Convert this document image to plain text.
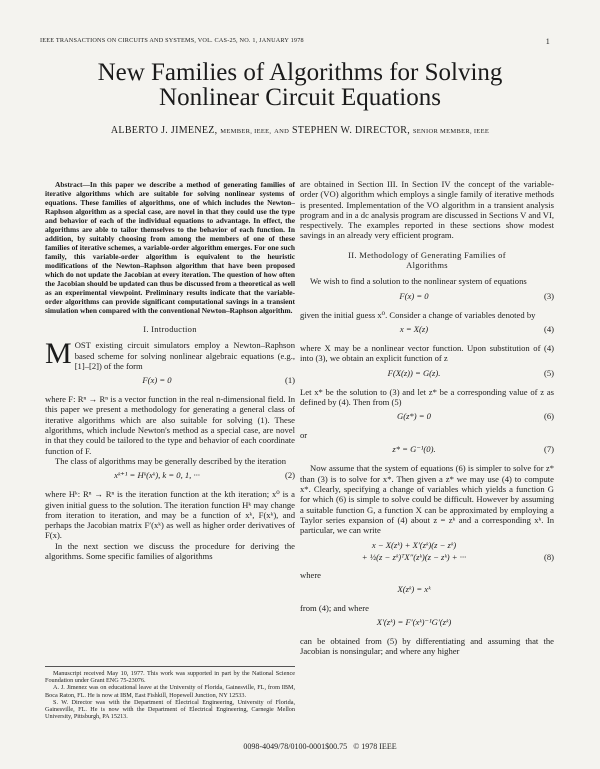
IEEE TRANSACTIONS ON CIRCUITS AND SYSTEMS, VOL. CAS-25, NO. 1, JANUARY 1978	1
New Families of Algorithms for Solving
Nonlinear Circuit Equations
ALBERTO J. JIMENEZ, MEMBER, IEEE, AND STEPHEN W. DIRECTOR, SENIOR MEMBER, IEEE

Abstract—In this paper we describe a method of generating families of iterative algorithms which are suitable for solving nonlinear systems of equations. These families of algorithms, one of which includes the Newton–Raphson algorithm as a special case, are novel in that they could use the type and behavior of each of the individual equations to advantage. In effect, the algorithms are able to tailor themselves to the behavior of each function. In addition, by suitably choosing from among the members of one of these families of iterative schemes, a variable-order algorithm emerges. For one such family, this variable-order algorithm is equivalent to the heuristic modifications of the Newton–Raphson algorithm that have been proposed which do not update the Jacobian at every iteration. The question of how often the Jacobian should be updated can thus be discussed from a theoretical as well as an experimental viewpoint. Preliminary results indicate that the variable-order algorithms can provide significant computational savings in a transient simulation when compared with the conventional Newton–Raphson algorithm.

I. Introduction

M OST existing circuit simulators employ a Newton–Raphson based scheme for solving nonlinear algebraic equations (e.g., [1]–[2]) of the form

F(x) = 0	(1)

where F: Rⁿ → Rⁿ is a vector function in the real n-dimensional field. In this paper we present a methodology for generating a general class of iterative algorithms which are also suitable for solving (1). These algorithms, which include Newton's method as a special case, are novel in that they could be tailored to the type and behavior of each coordinate function of F.

The class of algorithms may be generally described by the iteration

xᵏ⁺¹ = Hᵏ(xᵏ), k = 0, 1, ···	(2)

where Hᵏ: Rⁿ → Rⁿ is the iteration function at the kth iteration; x⁰ is a given initial guess to the solution. The iteration function Hᵏ may change from iteration to iteration, and may be a function of xᵏ, F(xᵏ), and perhaps the Jacobian matrix F′(xᵏ) as well as higher order derivatives of F(x).

In the next section we discuss the procedure for deriving the algorithms. Some specific families of algorithms

Manuscript received May 10, 1977. This work was supported in part by the National Science Foundation under Grant ENG 75-23076.

A. J. Jimenez was on educational leave at the University of Florida, Gainesville, FL, from IBM, Boca Raton, FL. He is now at IBM, East Fishkill, Hopewell Junction, NY 12533.

S. W. Director was with the Department of Electrical Engineering, University of Florida, Gainesville, FL. He is now with the Department of Electrical Engineering, Carnegie Mellon University, Pittsburgh, PA 15213.

are obtained in Section III. In Section IV the concept of the variable-order (VO) algorithm which employs a single family of iterative methods is presented. Implementation of the VO algorithm in a transient analysis program and in a dc analysis program are discussed in Sections V and VI, respectively. The examples reported in these sections show modest savings in an already very efficient program.

II. Methodology of Generating Families of
Algorithms

We wish to find a solution to the nonlinear system of equations

F(x) = 0	(3)

given the initial guess x⁰. Consider a change of variables denoted by

x = X(z)	(4)

where X may be a nonlinear vector function. Upon substitution of (4) into (3), we obtain an explicit function of z

F(X(z)) = G(z).	(5)

Let x* be the solution to (3) and let z* be a corresponding value of z as defined by (4). Then from (5)

G(z*) = 0	(6)

or

z* = G⁻¹(0).	(7)

Now assume that the system of equations (6) is simpler to solve for z* than (3) is to solve for x*. Then given a z* we may use (4) to compute x*. Clearly, specifying a change of variables which yields a function G for which (6) is simple to solve could be difficult. However by assuming a suitable function G, a function X can be approximated by employing a Taylor series expansion of (4) about z = zᵏ and a corresponding xᵏ. In particular, we can write

x − X(zᵏ) + X′(zᵏ)(z − zᵏ)
+ ½(z − zᵏ)ᵀX″(zᵏ)(z − zᵏ) + ···	(8)

where

X(zᵏ) = xᵏ

from (4); and where

X′(zᵏ) = F′(xᵏ)⁻¹G′(zᵏ)

can be obtained from (5) by differentiating and assuming that the Jacobian is nonsingular; and where any higher

0098-4049/78/0100-0001$00.75 © 1978 IEEE
